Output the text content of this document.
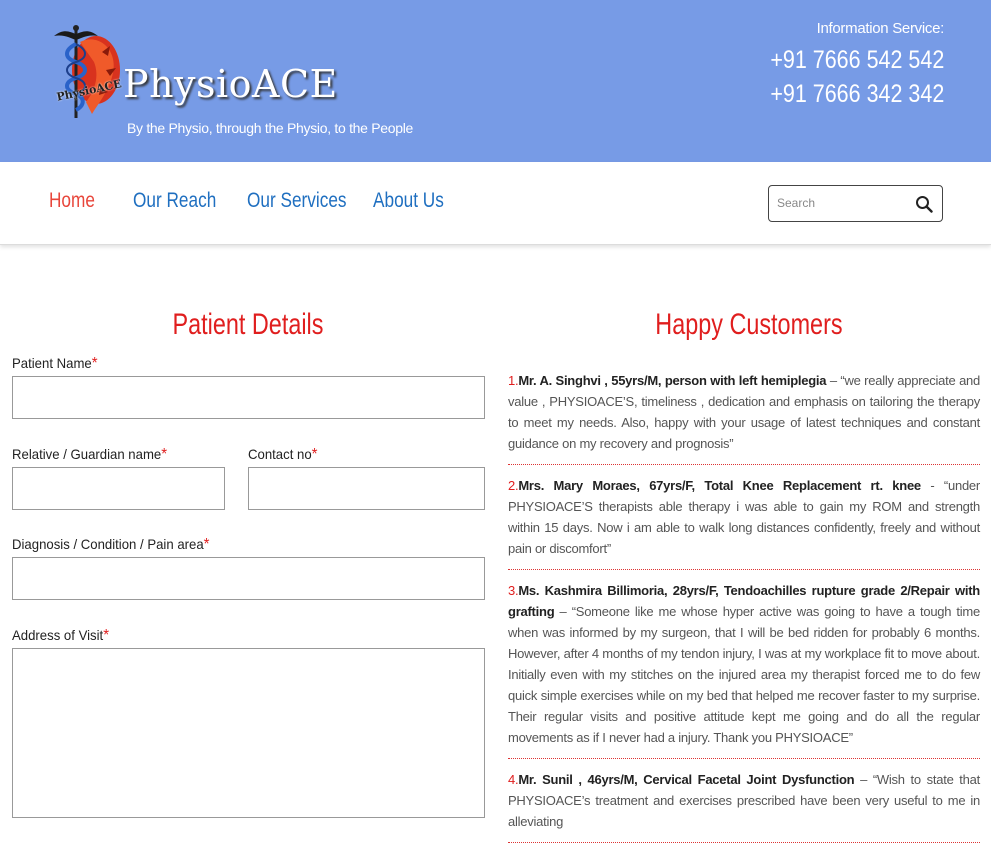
PhysioACE PhysioACE
By the Physio, through the Physio, to the People
Information Service:
+91 7666 542 542
+91 7666 342 342
Home Our Reach Our Services About Us
Search
Patient Details
Patient Name*
Relative / Guardian name*	Contact no*
Diagnosis / Condition / Pain area*
Address of Visit*
Happy Customers
1.Mr. A. Singhvi , 55yrs/M, person with left hemiplegia – “we really appreciate and value , PHYSIOACE’S, timeliness , dedication and emphasis on tailoring the therapy to meet my needs. Also, happy with your usage of latest techniques and constant guidance on my recovery and prognosis”
2.Mrs. Mary Moraes, 67yrs/F, Total Knee Replacement rt. knee - “under PHYSIOACE’S therapists able therapy i was able to gain my ROM and strength within 15 days. Now i am able to walk long distances confidently, freely and without pain or discomfort”
3.Ms. Kashmira Billimoria, 28yrs/F, Tendoachilles rupture grade 2/Repair with grafting – “Someone like me whose hyper active was going to have a tough time when was informed by my surgeon, that I will be bed ridden for probably 6 months. However, after 4 months of my tendon injury, I was at my workplace fit to move about. Initially even with my stitches on the injured area my therapist forced me to do few quick simple exercises while on my bed that helped me recover faster to my surprise. Their regular visits and positive attitude kept me going and do all the regular movements as if I never had a injury. Thank you PHYSIOACE”
4.Mr. Sunil , 46yrs/M, Cervical Facetal Joint Dysfunction – “Wish to state that PHYSIOACE’s treatment and exercises prescribed have been very useful to me in alleviating
